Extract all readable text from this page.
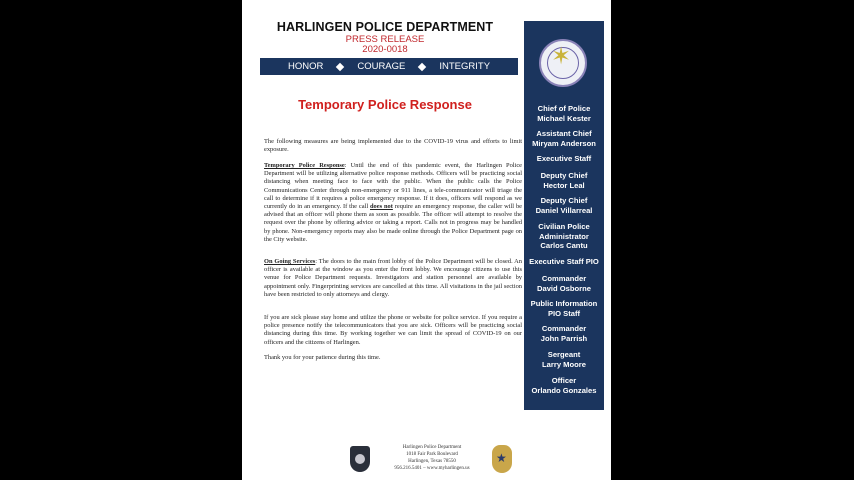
HARLINGEN POLICE DEPARTMENT
PRESS RELEASE
2020-0018
HONOR	COURAGE	INTEGRITY
Temporary Police Response
The following measures are being implemented due to the COVID-19 virus and efforts to limit exposure.
Temporary Police Response: Until the end of this pandemic event, the Harlingen Police Department will be utilizing alternative police response methods. Officers will be practicing social distancing when meeting face to face with the public. When the public calls the Police Communications Center through non-emergency or 911 lines, a tele-communicator will triage the call to determine if it requires a police emergency response. If it does, officers will respond as we currently do in an emergency. If the call does not require an emergency response, the caller will be advised that an officer will phone them as soon as possible. The officer will attempt to resolve the request over the phone by offering advice or taking a report. Calls not in progress may be handled by phone. Non-emergency reports may also be made online through the Police Department page on the City website.
On Going Services: The doors to the main front lobby of the Police Department will be closed. An officer is available at the window as you enter the front lobby. We encourage citizens to use this venue for Police Department requests. Investigators and station personnel are available by appointment only. Fingerprinting services are cancelled at this time. All visitations in the jail section have been restricted to only attorneys and clergy.
If you are sick please stay home and utilize the phone or website for police service. If you require a police presence notify the telecommunicators that you are sick. Officers will be practicing social distancing during this time. By working together we can limit the spread of COVID-19 on our officers and the citizens of Harlingen.
Thank you for your patience during this time.
✶
Chief of Police
Michael Kester
Assistant Chief
Miryam Anderson
Executive Staff
Deputy Chief
Hector Leal
Deputy Chief
Daniel Villarreal
Civilian Police Administrator
Carlos Cantu
Executive Staff PIO
Commander
David Osborne
Public Information
PIO Staff
Commander
John Parrish
Sergeant
Larry Moore
Officer
Orlando Gonzales
Harlingen Police Department
1018 Fair Park Boulevard
Harlingen, Texas 78550
956.216.5401 – www.myharlingen.us
★
